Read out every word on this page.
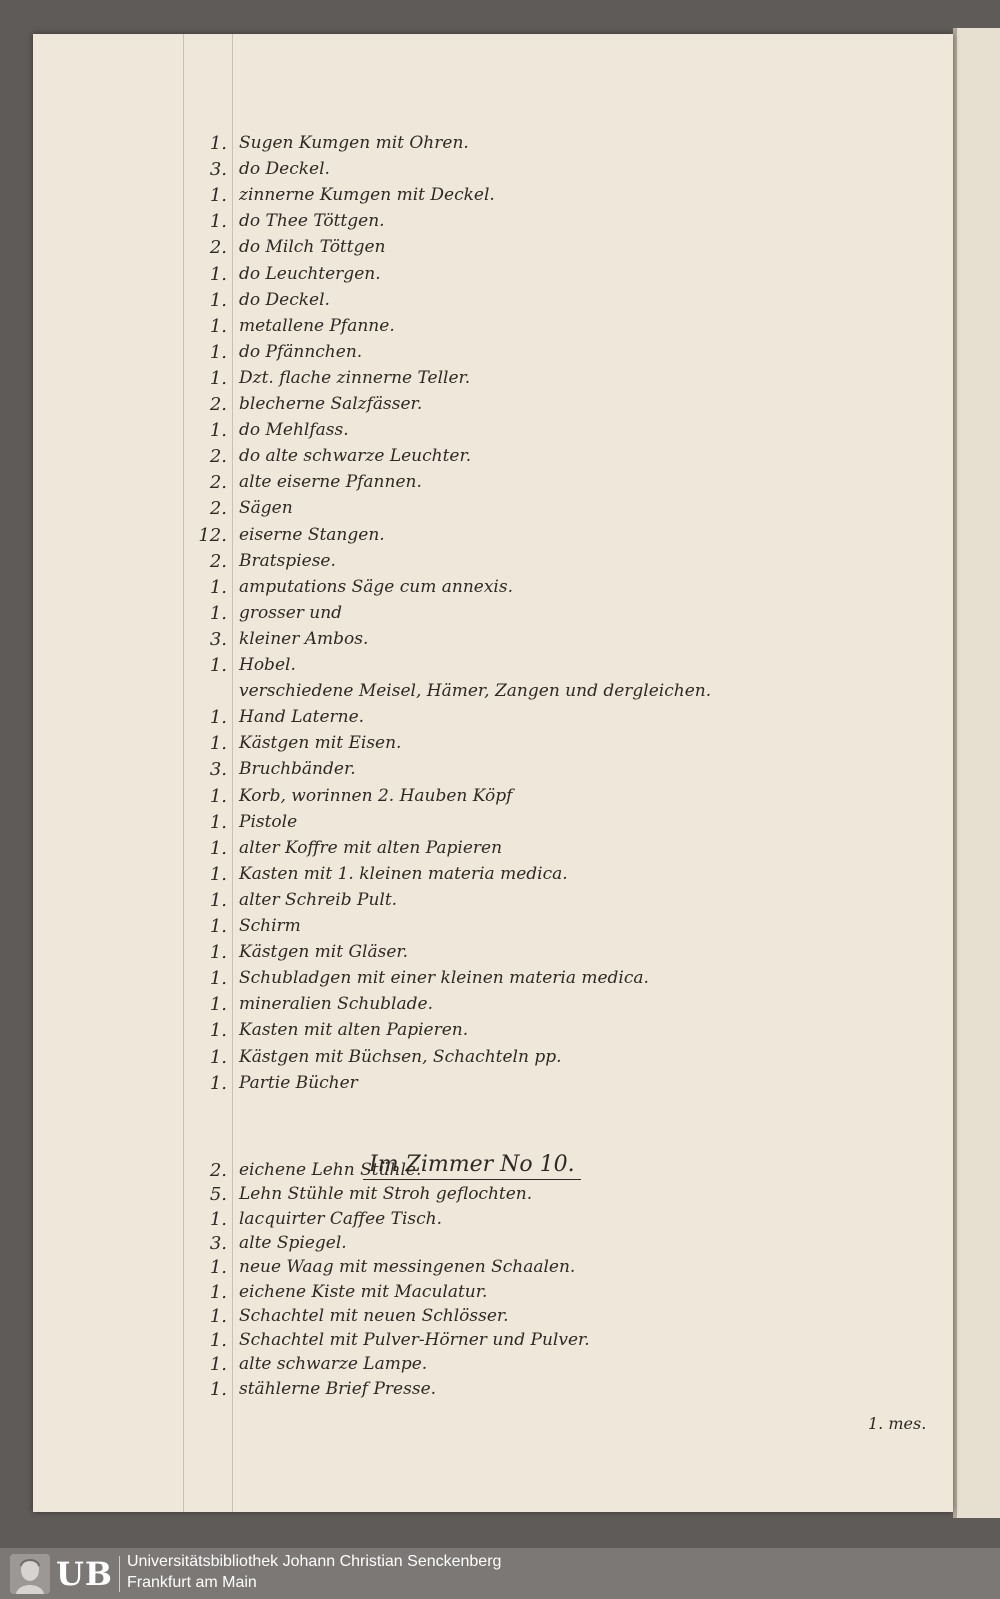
1. Sugen Kumgen mit Ohren.
3. do Deckel.
1. zinnerne Kumgen mit Deckel.
1. do Thee Töttgen.
2. do Milch Töttgen
1. do Leuchtergen.
1. do Deckel.
1. metallene Pfanne.
1. do Pfännchen.
1. Dzt. flache zinnerne Teller.
2. blecherne Salzfässer.
1. do Mehlfass.
2. do alte schwarze Leuchter.
2. alte eiserne Pfannen.
2. Sägen
12. eiserne Stangen.
2. Bratspiese.
1. amputations Säge cum annexis.
1. grosser und
3. kleiner Ambos.
1. Hobel.
verschiedene Meisel, Hämer, Zangen und dergleichen.
1. Hand Laterne.
1. Kästgen mit Eisen.
3. Bruchbänder.
1. Korb, worinnen 2. Hauben Köpf
1. Pistole
1. alter Koffre mit alten Papieren
1. Kasten mit 1. kleinen materia medica.
1. alter Schreib Pult.
1. Schirm
1. Kästgen mit Gläser.
1. Schubladgen mit einer kleinen materia medica.
1. mineralien Schublade.
1. Kasten mit alten Papieren.
1. Kästgen mit Büchsen, Schachteln pp.
1. Partie Bücher
Im Zimmer No 10.
2. eichene Lehn Stühle.
5. Lehn Stühle mit Stroh geflochten.
1. lacquirter Caffee Tisch.
3. alte Spiegel.
1. neue Waag mit messingenen Schaalen.
1. eichene Kiste mit Maculatur.
1. Schachtel mit neuen Schlösser.
1. Schachtel mit Pulver-Hörner und Pulver.
1. alte schwarze Lampe.
1. stählerne Brief Presse.
1. mes.
UB Universitätsbibliothek Johann Christian Senckenberg
Frankfurt am Main
